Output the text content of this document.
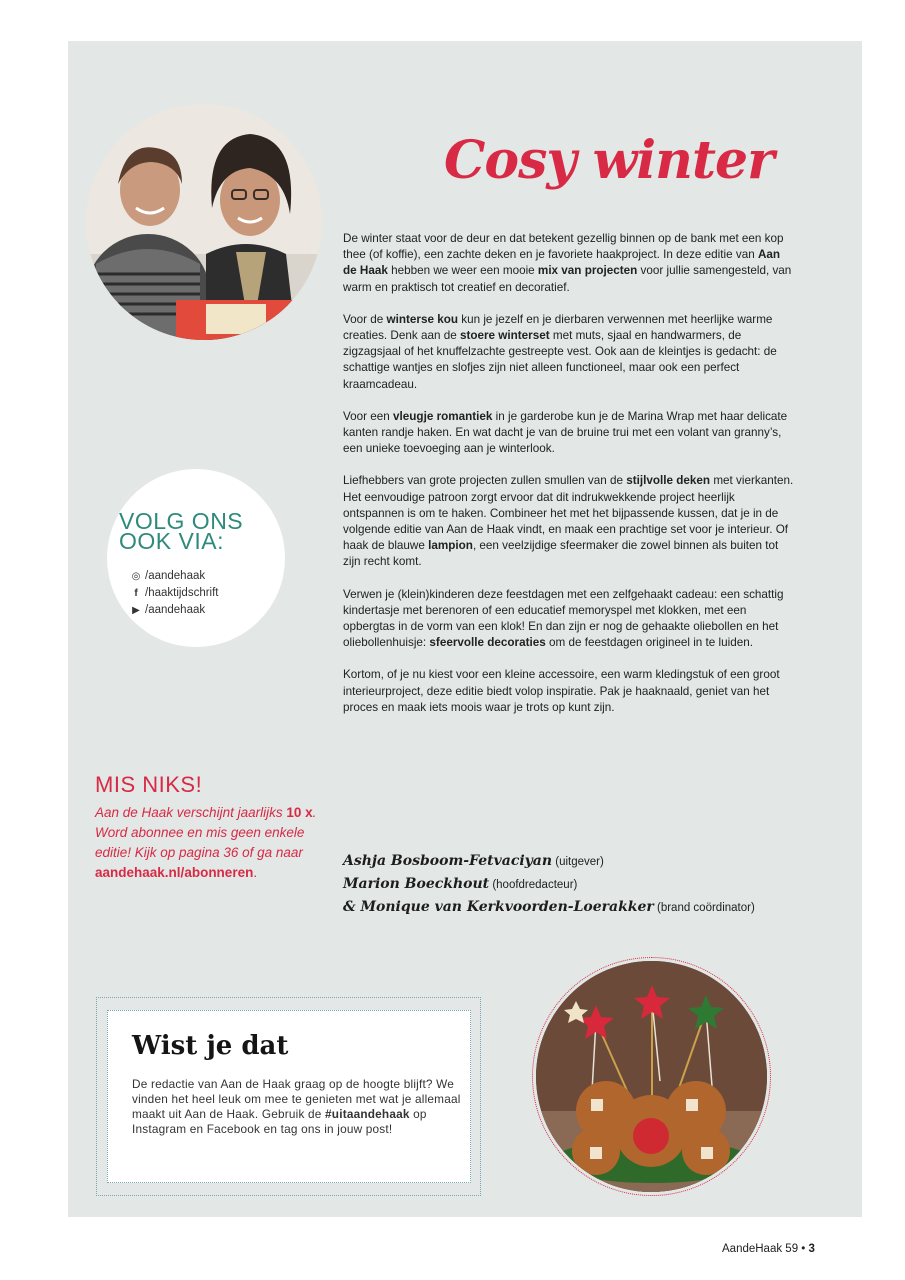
Cosy winter

De winter staat voor de deur en dat betekent gezellig binnen op de bank met een kop thee (of koffie), een zachte deken en je favoriete haakproject. In deze editie van Aan de Haak hebben we weer een mooie mix van projecten voor jullie samengesteld, van warm en praktisch tot creatief en decoratief.

Voor de winterse kou kun je jezelf en je dierbaren verwennen met heerlijke warme creaties. Denk aan de stoere winterset met muts, sjaal en handwarmers, de zigzagsjaal of het knuffelzachte gestreepte vest. Ook aan de kleintjes is gedacht: de schattige wantjes en slofjes zijn niet alleen functioneel, maar ook een perfect kraamcadeau.

Voor een vleugje romantiek in je garderobe kun je de Marina Wrap met haar delicate kanten randje haken. En wat dacht je van de bruine trui met een volant van granny’s, een unieke toevoeging aan je winterlook.

Liefhebbers van grote projecten zullen smullen van de stijlvolle deken met vierkanten. Het eenvoudige patroon zorgt ervoor dat dit indrukwekkende project heerlijk ontspannen is om te haken. Combineer het met het bijpassende kussen, dat je in de volgende editie van Aan de Haak vindt, en maak een prachtige set voor je interieur. Of haak de blauwe lampion, een veelzijdige sfeermaker die zowel binnen als buiten tot zijn recht komt.

Verwen je (klein)kinderen deze feestdagen met een zelfgehaakt cadeau: een schattig kindertasje met berenoren of een educatief memoryspel met klokken, met een opbergtas in de vorm van een klok! En dan zijn er nog de gehaakte oliebollen en het oliebollenhuisje: sfeervolle decoraties om de feestdagen origineel in te luiden.

Kortom, of je nu kiest voor een kleine accessoire, een warm kledingstuk of een groot interieurproject, deze editie biedt volop inspiratie. Pak je haaknaald, geniet van het proces en maak iets moois waar je trots op kunt zijn.

Ashja Bosboom-Fetvaciyan (uitgever)
Marion Boeckhout (hoofdredacteur)
& Monique van Kerkvoorden-Loerakker (brand coördinator)
VOLG ONS
OOK VIA:
◎ /aandehaak
f /haaktijdschrift
▶ /aandehaak
MIS NIKS!
Aan de Haak verschijnt jaarlijks 10 x. Word abonnee en mis geen enkele editie! Kijk op pagina 36 of ga naar aandehaak.nl/abonneren.
Wist je dat
De redactie van Aan de Haak graag op de hoogte blijft? We vinden het heel leuk om mee te genieten met wat je allemaal maakt uit Aan de Haak. Gebruik de #uitaandehaak op Instagram en Facebook en tag ons in jouw post!
AandeHaak 59 • 3
